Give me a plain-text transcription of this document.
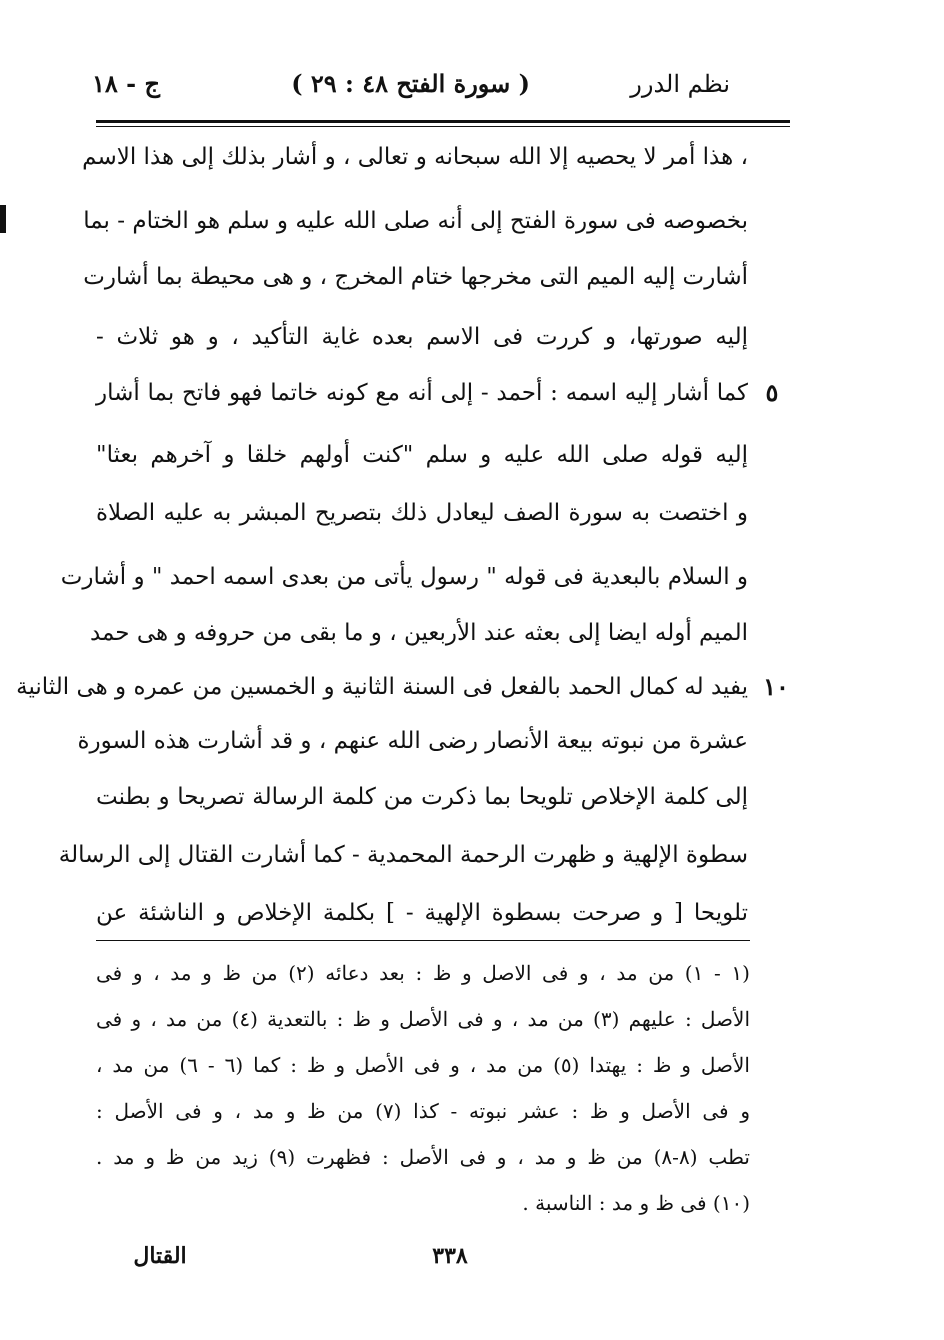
نظم الدرر
( سورة الفتح ٤٨ : ٢٩ )
ج - ١٨
، هذا أمر لا يحصيه إلا الله سبحانه و تعالى ، و أشار بذلك إلى هذا الاسم
بخصوصه فى سورة الفتح إلى أنه صلى الله عليه و سلم هو الختام - بما
أشارت إليه الميم التى مخرجها ختام المخرج ، و هى محيطة بما أشارت
إليه صورتها، و كررت فى الاسم بعده غاية التأكيد ، و هو ثلاث -
كما أشار إليه اسمه : أحمد - إلى أنه مع كونه خاتما فهو فاتح بما أشار
إليه قوله صلى الله عليه و سلم "كنت أولهم خلقا و آخرهم بعثا"
و اختصت به سورة الصف ليعادل ذلك بتصريح المبشر به عليه الصلاة
و السلام بالبعدية فى قوله " رسول يأتى من بعدى اسمه احمد " و أشارت
الميم أوله ايضا إلى بعثه عند الأربعين ، و ما بقى من حروفه و هى حمد
يفيد له كمال الحمد بالفعل فى السنة الثانية و الخمسين من عمره و هى الثانية
عشرة من نبوته بيعة الأنصار رضى الله عنهم ، و قد أشارت هذه السورة
إلى كلمة الإخلاص تلويحا بما ذكرت من كلمة الرسالة تصريحا و بطنت
سطوة الإلهية و ظهرت الرحمة المحمدية - كما أشارت القتال إلى الرسالة
تلويحا [ و صرحت بسطوة الإلهية - ] بكلمة الإخلاص و الناشئة عن
٥
١٠
(١ - ١) من مد ، و فى الاصل و ظ : بعد دعائه (٢) من ظ و مد ، و فى
الأصل : عليهم (٣) من مد ، و فى الأصل و ظ : بالتعدية (٤) من مد ، و فى
الأصل و ظ : يهتدا (٥) من مد ، و فى الأصل و ظ : كما (٦ - ٦) من مد ،
و فى الأصل و ظ : عشر نبوته - كذا (٧) من ظ و مد ، و فى الأصل :
تطب (٨-٨) من ظ و مد ، و فى الأصل : فظهرت (٩) زيد من ظ و مد .
(١٠) فى ظ و مد : الناسبة .
٣٣٨
القتال
